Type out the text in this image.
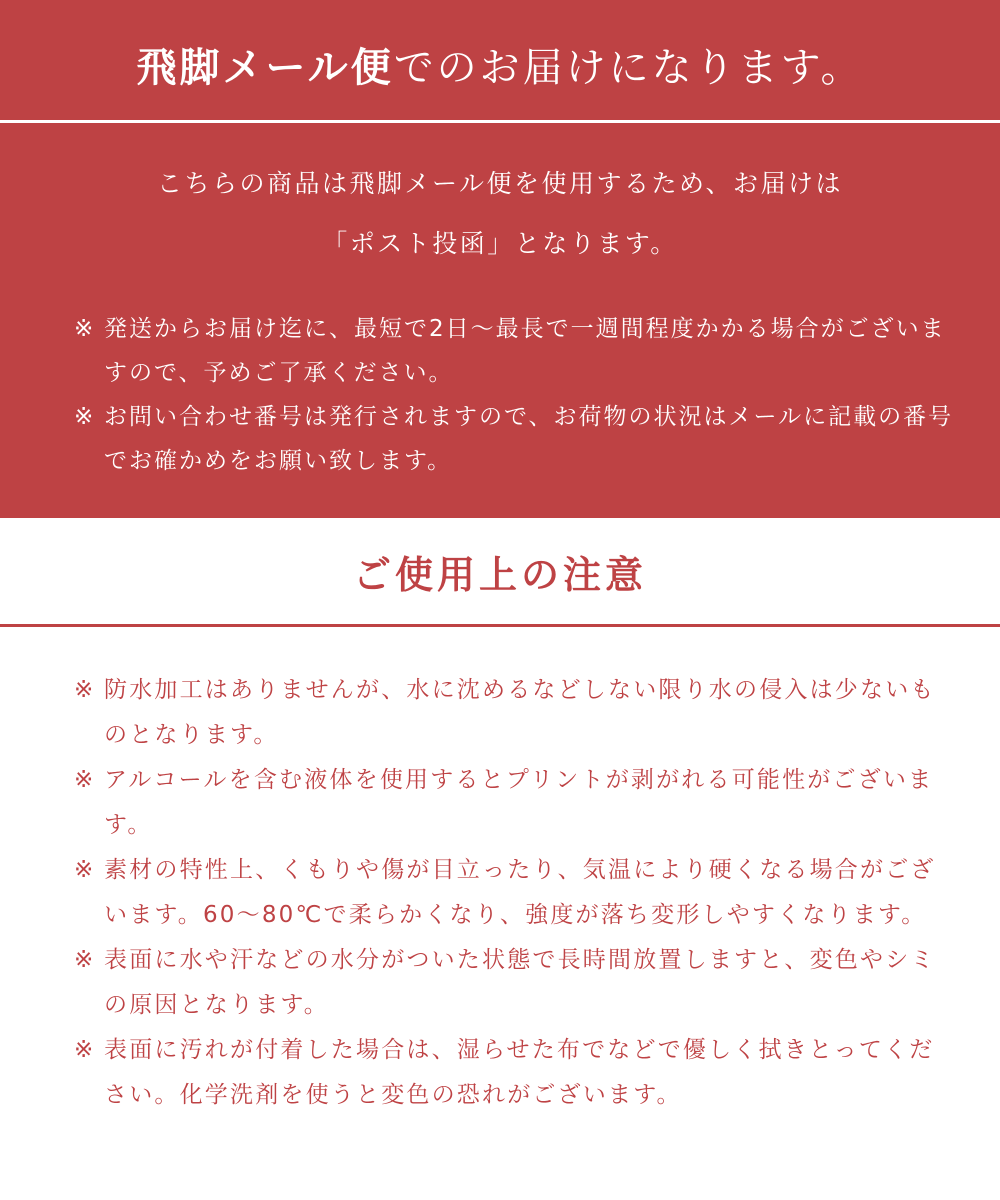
飛脚メール便でのお届けになります。
こちらの商品は飛脚メール便を使用するため、お届けは
「ポスト投函」となります。
※ 発送からお届け迄に、最短で2日～最長で一週間程度かかる場合がございますので、予めご了承ください。
※ お問い合わせ番号は発行されますので、お荷物の状況はメールに記載の番号でお確かめをお願い致します。
ご使用上の注意
※ 防水加工はありませんが、水に沈めるなどしない限り水の侵入は少ないものとなります。
※ アルコールを含む液体を使用するとプリントが剥がれる可能性がございます。
※ 素材の特性上、くもりや傷が目立ったり、気温により硬くなる場合がございます。60～80℃で柔らかくなり、強度が落ち変形しやすくなります。
※ 表面に水や汗などの水分がついた状態で長時間放置しますと、変色やシミの原因となります。
※ 表面に汚れが付着した場合は、湿らせた布でなどで優しく拭きとってください。化学洗剤を使うと変色の恐れがございます。
